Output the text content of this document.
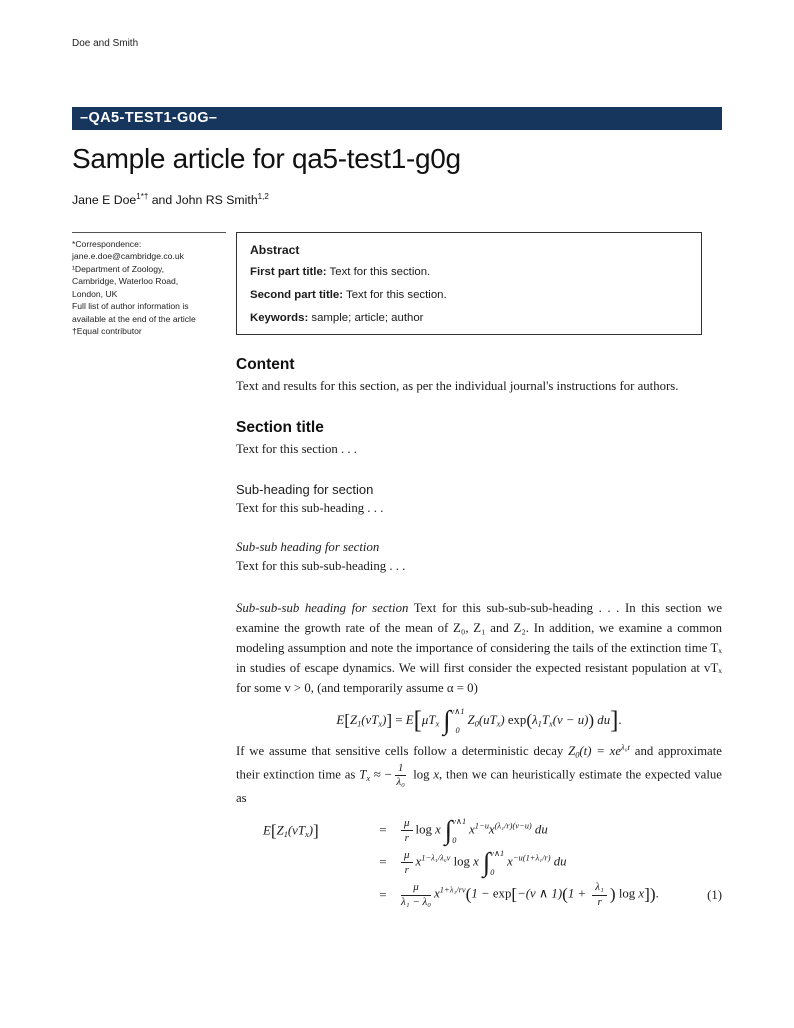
Doe and Smith
–QA5-TEST1-G0G–
Sample article for qa5-test1-g0g
Jane E Doe$^{1*\dagger}$ and John RS Smith$^{1,2}$
*Correspondence:
jane.e.doe@cambridge.co.uk
¹Department of Zoology,
Cambridge, Waterloo Road,
London, UK
Full list of author information is
available at the end of the article
†Equal contributor
Abstract

First part title: Text for this section.

Second part title: Text for this section.

Keywords: sample; article; author

Content

Text and results for this section, as per the individual journal's instructions for authors.

Section title

Text for this section . . .

Sub-heading for section

Text for this sub-heading . . .

Sub-sub heading for section

Text for this sub-sub-heading . . .

Sub-sub-sub heading for section Text for this sub-sub-sub-heading . . . In this section we examine the growth rate of the mean of Z₀, Z₁ and Z₂. In addition, we examine a common modeling assumption and note the importance of considering the tails of the extinction time Tₓ in studies of escape dynamics. We will first consider the expected resistant population at vTₓ for some v > 0, (and temporarily assume α = 0)

$E[Z_1(vT_x)] = E[\mu T_x$ ∫ v∧1
0
$Z_0(uT_x) \exp(\lambda_1T_x(v - u))$ du].

If we assume that sensitive cells follow a deterministic decay $Z_0(t) = xe^{\lambda_0t}$ and approximate their extinction time as $T_x$ ≈ − $\frac{1}{\text{λ₀}}$ log x, then we can heuristically estimate the expected value as

$E[Z_1(vT_x)]$	=	$\frac{\mu}{r}$ log x ∫ v∧1
0
$x^{1-u}x^{(\lambda_1/r)(v-u)}$ du
=	$\frac{\mu}{r} x^{1-\lambda_1/\lambda_0v}$ log x ∫ v∧1
0
$x^{-u(1+\lambda_1/r)}$ du
=	$\frac{\mu}{\text{λ₁ − λ₀}} x^{1+\lambda_1/rv}(1 - \exp[-(v$ ∧ $1)(1 + \frac{\text{λ₁}}{r}$ ) log x]).	(1)
